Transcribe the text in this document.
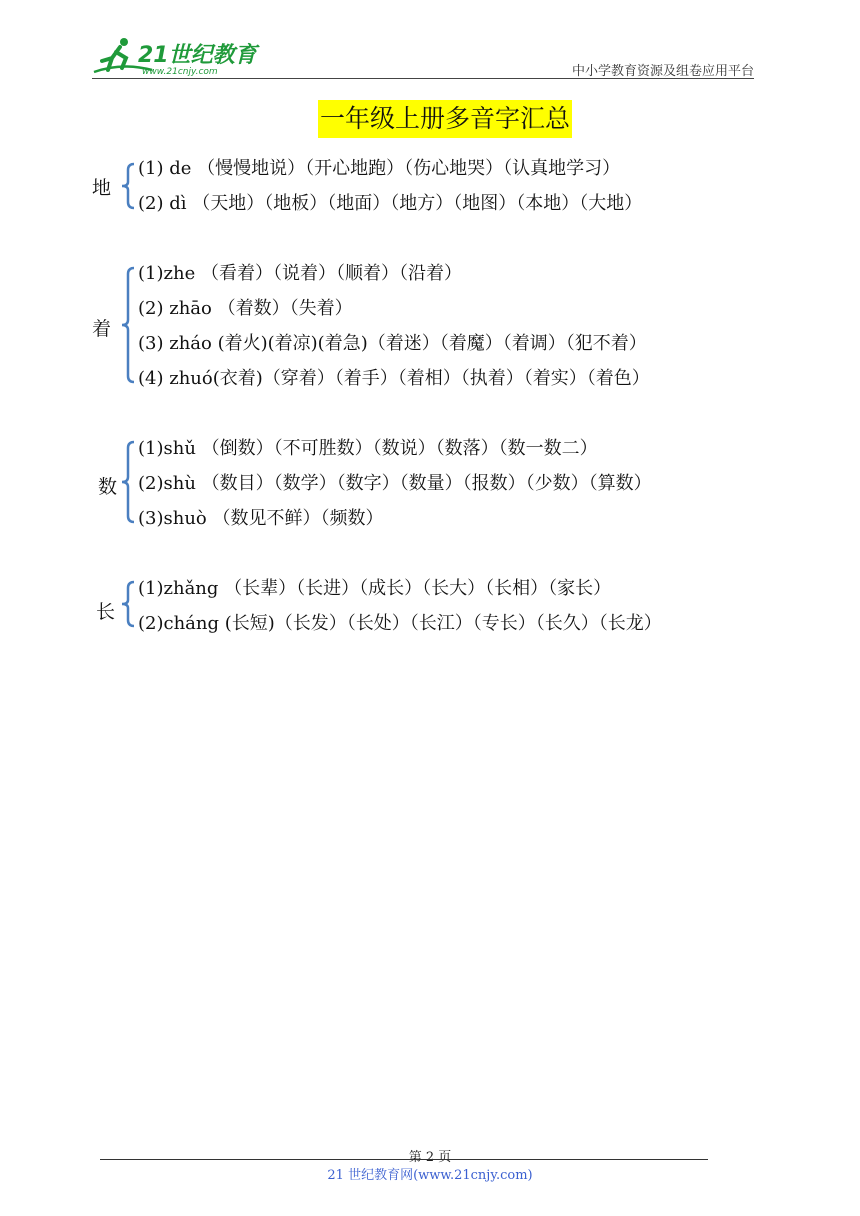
21世纪教育
www.21cnjy.com	中小学教育资源及组卷应用平台
一年级上册多音字汇总
地
(1) de （慢慢地说）（开心地跑）（伤心地哭）（认真地学习）
(2) dì （天地）（地板）（地面）（地方）（地图）（本地）（大地）
着
(1)zhe （看着）（说着）（顺着）（沿着）
(2) zhāo （着数）（失着）
(3) zháo (着火)(着凉)(着急)（着迷）（着魔）（着调）（犯不着）
(4) zhuó(衣着)（穿着）（着手）（着相）（执着）（着实）（着色）
数
(1)shǔ （倒数）（不可胜数）（数说）（数落）（数一数二）
(2)shù （数目）（数学）（数字）（数量）（报数）（少数）（算数）
(3)shuò （数见不鲜）（频数）
长
(1)zhǎng （长辈）（长进）（成长）（长大）（长相）（家长）
(2)cháng (长短)（长发）（长处）（长江）（专长）（长久）（长龙）
第 2 页
21 世纪教育网(www.21cnjy.com)
